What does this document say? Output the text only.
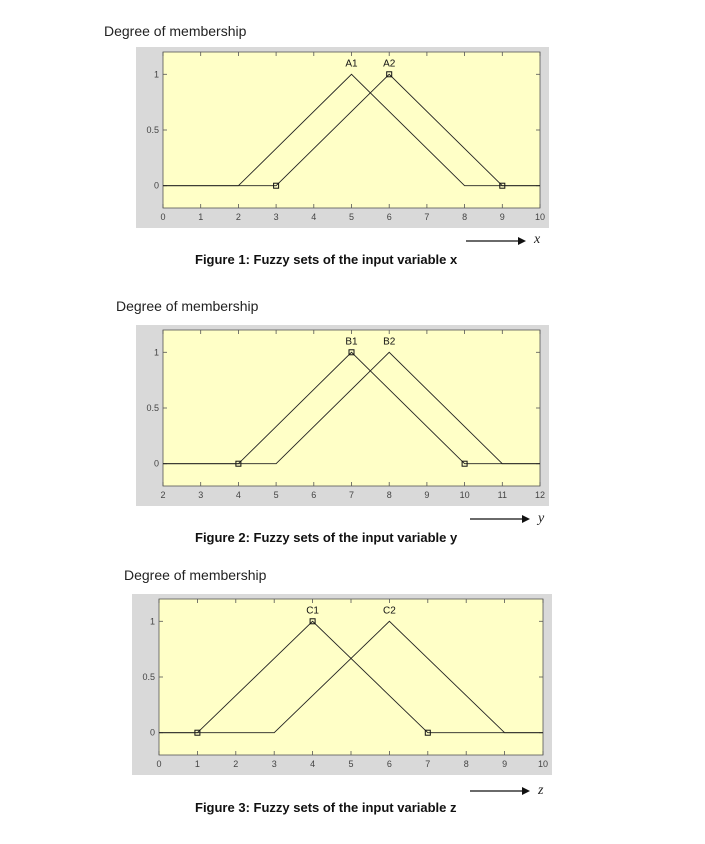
Degree of membership
0	1	2	3	4	5	6	7	8	9	10
0
0.5
1
A1	A2
x
Figure 1: Fuzzy sets of the input variable x
Degree of membership
2	3	4	5	6	7	8	9	10	11	12
0
0.5
1
B1	B2
y
Figure 2: Fuzzy sets of the input variable y
Degree of membership
0	1	2	3	4	5	6	7	8	9	10
0
0.5
1
C1	C2
z
Figure 3: Fuzzy sets of the input variable z
